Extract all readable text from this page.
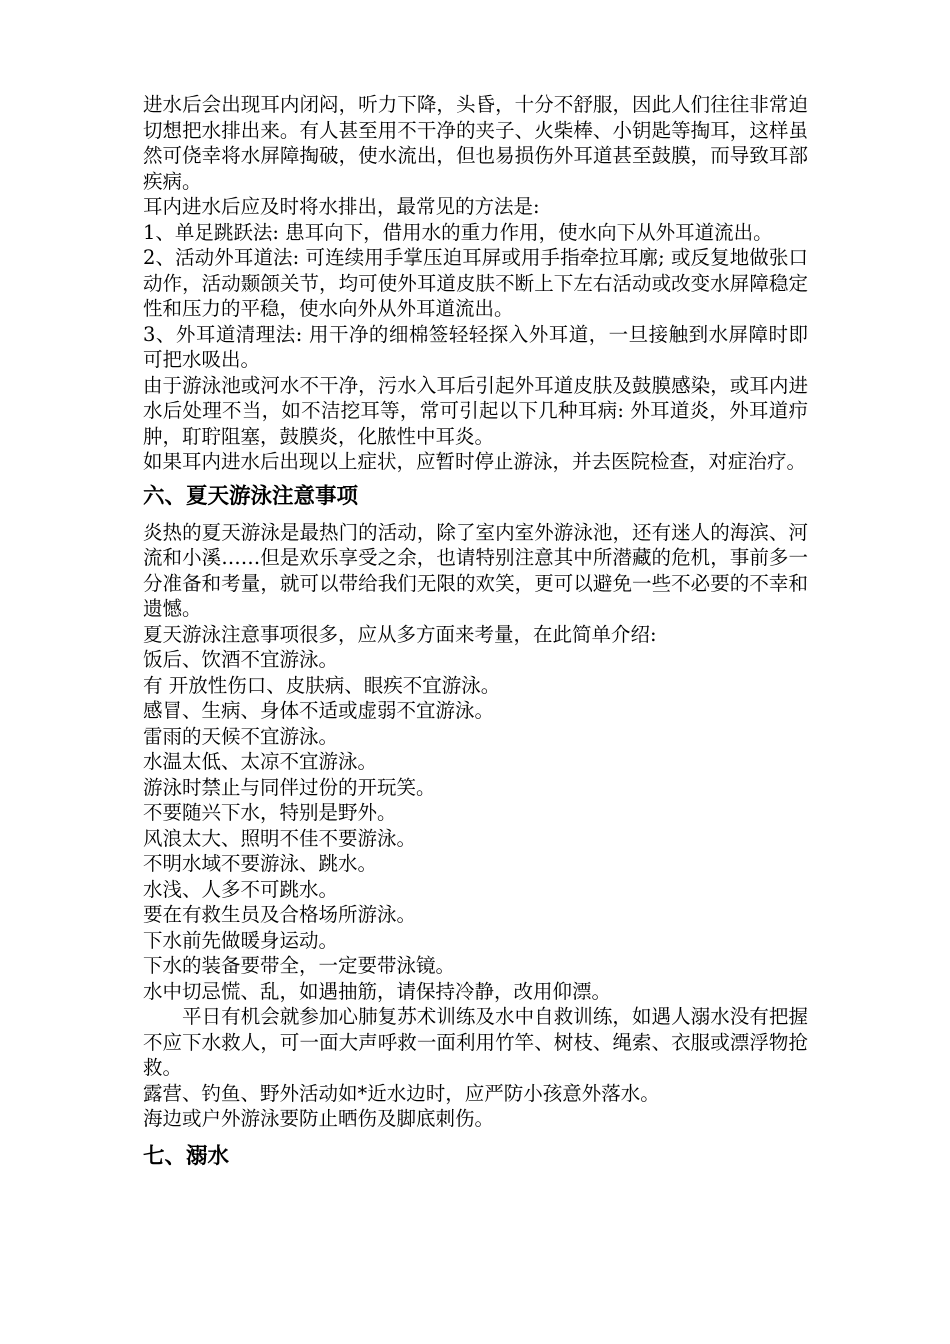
进水后会出现耳内闭闷，听力下降，头昏，十分不舒服，因此人们往往非常迫切想把水排出来。有人甚至用不干净的夹子、火柴棒、小钥匙等掏耳，这样虽然可侥幸将水屏障掏破，使水流出，但也易损伤外耳道甚至鼓膜，而导致耳部疾病。

耳内进水后应及时将水排出，最常见的方法是:

1、单足跳跃法: 患耳向下，借用水的重力作用，使水向下从外耳道流出。

2、活动外耳道法: 可连续用手掌压迫耳屏或用手指牵拉耳廓; 或反复地做张口动作，活动颞颌关节，均可使外耳道皮肤不断上下左右活动或改变水屏障稳定性和压力的平稳，使水向外从外耳道流出。

3、外耳道清理法: 用干净的细棉签轻轻探入外耳道，一旦接触到水屏障时即可把水吸出。

由于游泳池或河水不干净，污水入耳后引起外耳道皮肤及鼓膜感染，或耳内进水后处理不当，如不洁挖耳等，常可引起以下几种耳病: 外耳道炎，外耳道疖肿，耵聍阻塞，鼓膜炎，化脓性中耳炎。

如果耳内进水后出现以上症状，应暂时停止游泳，并去医院检查，对症治疗。

六、夏天游泳注意事项

炎热的夏天游泳是最热门的活动，除了室内室外游泳池，还有迷人的海滨、河流和小溪……但是欢乐享受之余，也请特别注意其中所潜藏的危机，事前多一分准备和考量，就可以带给我们无限的欢笑，更可以避免一些不必要的不幸和遗憾。

夏天游泳注意事项很多，应从多方面来考量，在此简单介绍:

饭后、饮酒不宜游泳。

有 开放性伤口、皮肤病、眼疾不宜游泳。

感冒、生病、身体不适或虚弱不宜游泳。

雷雨的天候不宜游泳。

水温太低、太凉不宜游泳。

游泳时禁止与同伴过份的开玩笑。

不要随兴下水，特别是野外。

风浪太大、照明不佳不要游泳。

不明水域不要游泳、跳水。

水浅、人多不可跳水。

要在有救生员及合格场所游泳。

下水前先做暖身运动。

下水的装备要带全，一定要带泳镜。

水中切忌慌、乱，如遇抽筋，请保持冷静，改用仰漂。

平日有机会就参加心肺复苏术训练及水中自救训练，如遇人溺水没有把握不应下水救人，可一面大声呼救一面利用竹竿、树枝、绳索、衣服或漂浮物抢救。

露营、钓鱼、野外活动如*近水边时，应严防小孩意外落水。

海边或户外游泳要防止晒伤及脚底刺伤。

七、溺水
